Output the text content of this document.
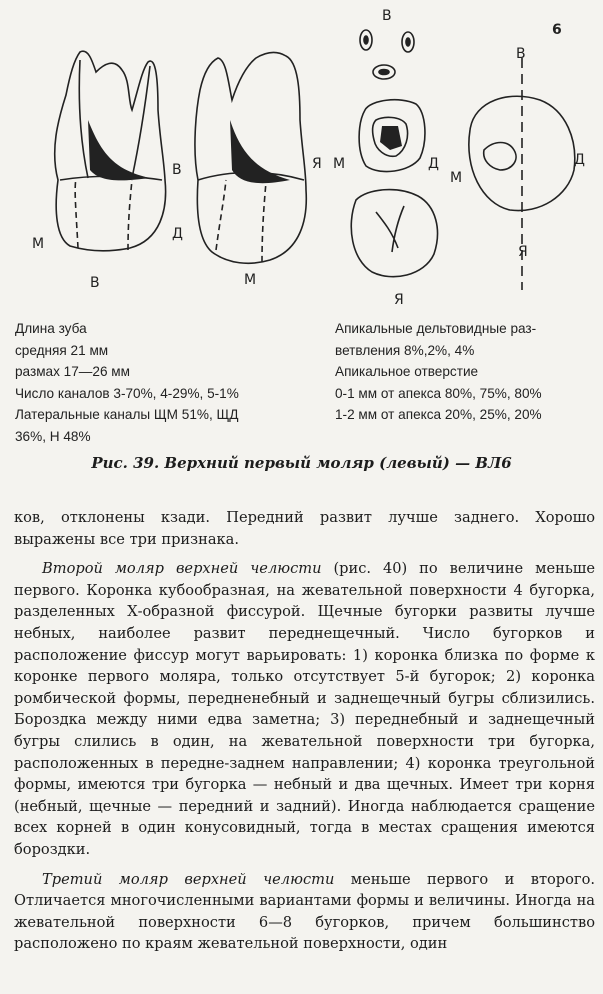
6
М
В
В
Д
Я
М
В
М	Д
М
Д
В
Я
Я
Длина зуба
средняя 21 мм
размах 17—26 мм
Число каналов 3-70%, 4-29%, 5-1%
Латеральные каналы ЩМ 51%, ЩД
36%, Н 48%
Апикальные дельтовидные раз-
ветвления 8%,2%, 4%
Апикальное отверстие
0-1 мм от апекса 80%, 75%, 80%
1-2 мм от апекса 20%, 25%, 20%
Рис. 39. Верхний первый моляр (левый) — ВЛ6

ков, отклонены кзади. Передний развит лучше заднего. Хорошо выражены все три признака.

Второй моляр верхней челюсти (рис. 40) по величине меньше первого. Коронка кубообразная, на жевательной поверхности 4 бугорка, разделенных Х-образной фиссурой. Щечные бугорки развиты лучше небных, наиболее развит переднещечный. Число бугорков и расположение фиссур могут варьировать: 1) коронка близка по форме к коронке первого моляра, только отсутствует 5-й бугорок; 2) коронка ромбической формы, передненебный и заднещечный бугры сблизились. Бороздка между ними едва заметна; 3) переднебный и заднещечный бугры слились в один, на жевательной поверхности три бугорка, расположенных в передне-заднем направлении; 4) коронка треугольной формы, имеются три бугорка — небный и два щечных. Имеет три корня (небный, щечные — передний и задний). Иногда наблюдается сращение всех корней в один конусовидный, тогда в местах сращения имеются бороздки.

Третий моляр верхней челюсти меньше первого и второго. Отличается многочисленными вариантами формы и величины. Иногда на жевательной поверхности 6—8 бугорков, причем большинство расположено по краям жевательной поверхности, один
